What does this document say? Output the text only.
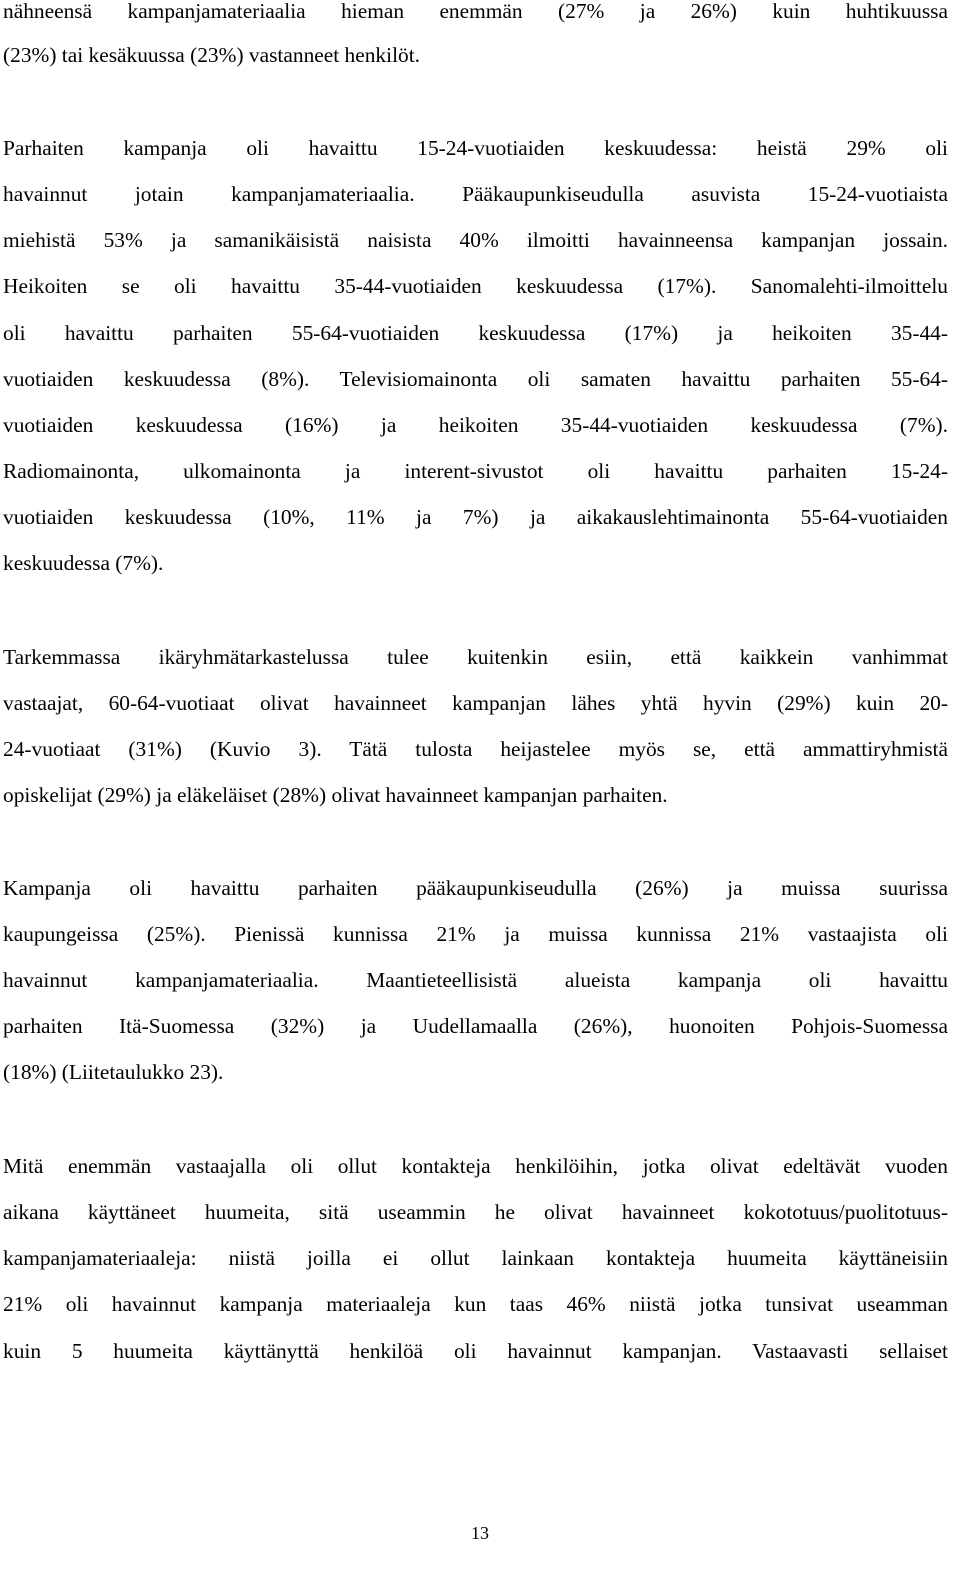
nähneensä kampanjamateriaalia hieman enemmän (27% ja 26%) kuin huhtikuussa
(23%) tai kesäkuussa (23%) vastanneet henkilöt.
Parhaiten kampanja oli havaittu 15-24-vuotiaiden keskuudessa: heistä 29% oli
havainnut jotain kampanjamateriaalia. Pääkaupunkiseudulla asuvista 15-24-vuotiaista
miehistä 53% ja samanikäisistä naisista 40% ilmoitti havainneensa kampanjan jossain.
Heikoiten se oli havaittu 35-44-vuotiaiden keskuudessa (17%). Sanomalehti-ilmoittelu
oli havaittu parhaiten 55-64-vuotiaiden keskuudessa (17%) ja heikoiten 35-44-
vuotiaiden keskuudessa (8%). Televisiomainonta oli samaten havaittu parhaiten 55-64-
vuotiaiden keskuudessa (16%) ja heikoiten 35-44-vuotiaiden keskuudessa (7%).
Radiomainonta, ulkomainonta ja interent-sivustot oli havaittu parhaiten 15-24-
vuotiaiden keskuudessa (10%, 11% ja 7%) ja aikakauslehtimainonta 55-64-vuotiaiden
keskuudessa (7%).
Tarkemmassa ikäryhmätarkastelussa tulee kuitenkin esiin, että kaikkein vanhimmat
vastaajat, 60-64-vuotiaat olivat havainneet kampanjan lähes yhtä hyvin (29%) kuin 20-
24-vuotiaat (31%) (Kuvio 3). Tätä tulosta heijastelee myös se, että ammattiryhmistä
opiskelijat (29%) ja eläkeläiset (28%) olivat havainneet kampanjan parhaiten.
Kampanja oli havaittu parhaiten pääkaupunkiseudulla (26%) ja muissa suurissa
kaupungeissa (25%). Pienissä kunnissa 21% ja muissa kunnissa 21% vastaajista oli
havainnut kampanjamateriaalia. Maantieteellisistä alueista kampanja oli havaittu
parhaiten Itä-Suomessa (32%) ja Uudellamaalla (26%), huonoiten Pohjois-Suomessa
(18%) (Liitetaulukko 23).
Mitä enemmän vastaajalla oli ollut kontakteja henkilöihin, jotka olivat edeltävät vuoden
aikana käyttäneet huumeita, sitä useammin he olivat havainneet kokototuus/puolitotuus-
kampanjamateriaaleja: niistä joilla ei ollut lainkaan kontakteja huumeita käyttäneisiin
21% oli havainnut kampanja materiaaleja kun taas 46% niistä jotka tunsivat useamman
kuin 5 huumeita käyttänyttä henkilöä oli havainnut kampanjan. Vastaavasti sellaiset
13
